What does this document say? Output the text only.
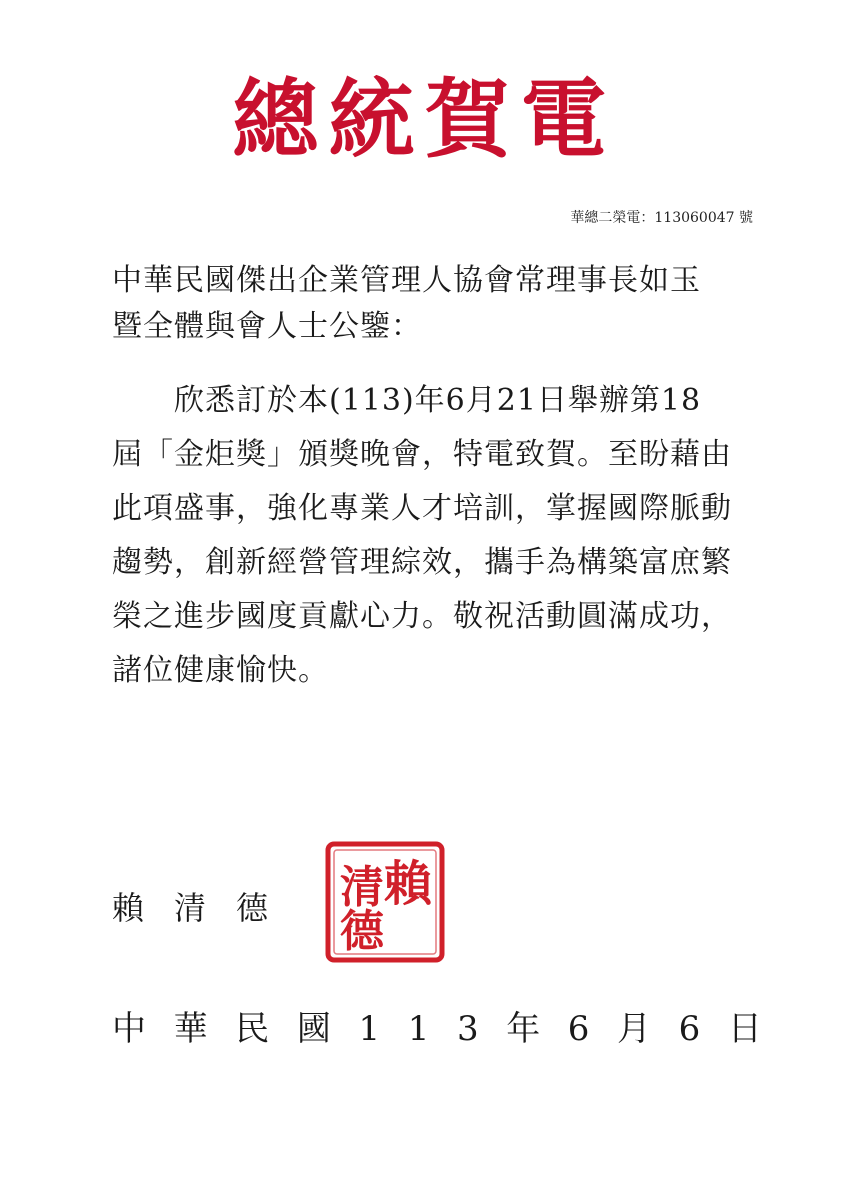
總統賀電
華總二榮電：113060047 號
中華民國傑出企業管理人協會常理事長如玉
暨全體與會人士公鑒：
欣悉訂於本(113)年6月21日舉辦第18
屆「金炬獎」頒獎晚會，特電致賀。至盼藉由
此項盛事，強化專業人才培訓，掌握國際脈動
趨勢，創新經營管理綜效，攜手為構築富庶繁
榮之進步國度貢獻心力。敬祝活動圓滿成功，
諸位健康愉快。
賴清德 賴
清
德
中 華 民 國 1 1 3 年 6 月 6 日
